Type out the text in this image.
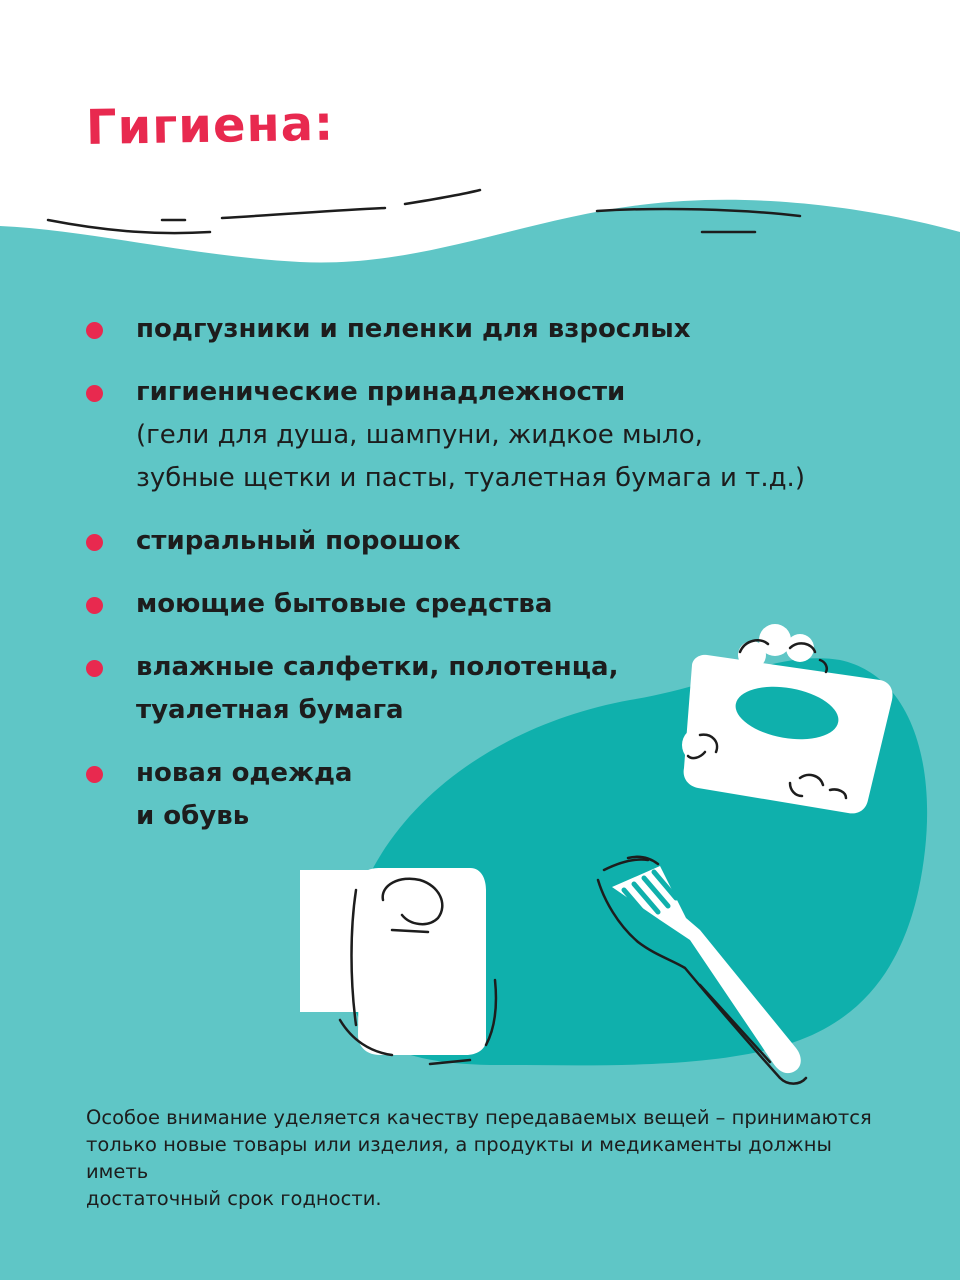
Гигиена:
подгузники и пеленки для взрослых
гигиенические принадлежности
(гели для душа, шампуни, жидкое мыло,
зубные щетки и пасты, туалетная бумага и т.д.)
стиральный порошок
моющие бытовые средства
влажные салфетки, полотенца,
туалетная бумага
новая одежда
и обувь

Особое внимание уделяется качеству передаваемых вещей – принимаются
только новые товары или изделия, а продукты и медикаменты должны иметь
достаточный срок годности.
